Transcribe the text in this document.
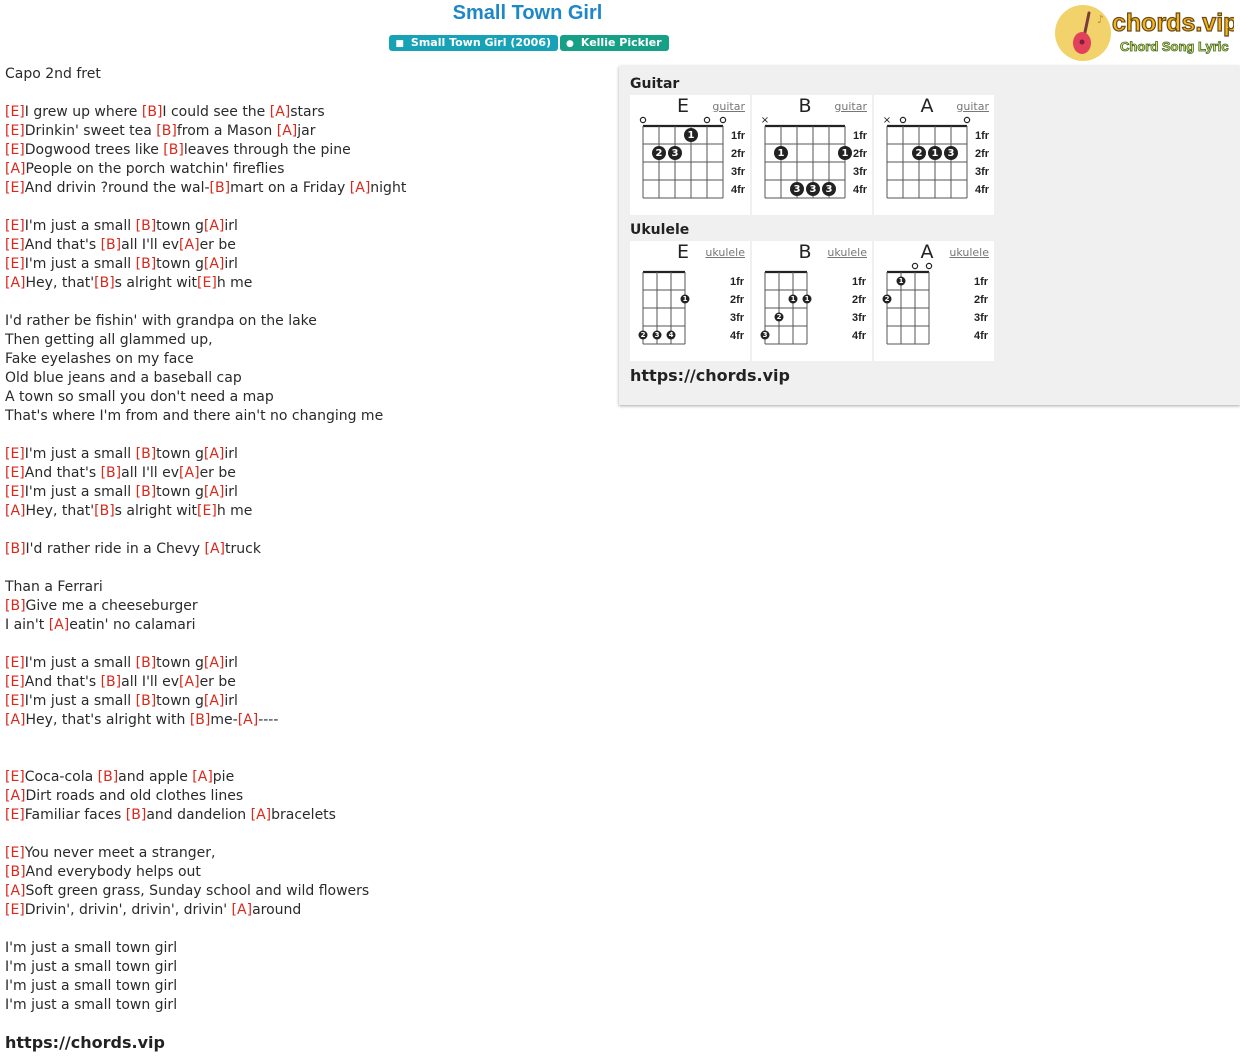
Small Town Girl
■ Small Town Girl (2006) ● Kellie Pickler
♪ chords.vip
Chord Song Lyric
Capo 2nd fret
[E]I grew up where [B]I could see the [A]stars
[E]Drinkin' sweet tea [B]from a Mason [A]jar
[E]Dogwood trees like [B]leaves through the pine
[A]People on the porch watchin' fireflies
[E]And drivin ?round the wal-[B]mart on a Friday [A]night
[E]I'm just a small [B]town g[A]irl
[E]And that's [B]all I'll ev[A]er be
[E]I'm just a small [B]town g[A]irl
[A]Hey, that'[B]s alright wit[E]h me
I'd rather be fishin' with grandpa on the lake
Then getting all glammed up,
Fake eyelashes on my face
Old blue jeans and a baseball cap
A town so small you don't need a map
That's where I'm from and there ain't no changing me
[E]I'm just a small [B]town g[A]irl
[E]And that's [B]all I'll ev[A]er be
[E]I'm just a small [B]town g[A]irl
[A]Hey, that'[B]s alright wit[E]h me
[B]I'd rather ride in a Chevy [A]truck
Than a Ferrari
[B]Give me a cheeseburger
I ain't [A]eatin' no calamari
[E]I'm just a small [B]town g[A]irl
[E]And that's [B]all I'll ev[A]er be
[E]I'm just a small [B]town g[A]irl
[A]Hey, that's alright with [B]me-[A]----
[E]Coca-cola [B]and apple [A]pie
[A]Dirt roads and old clothes lines
[E]Familiar faces [B]and dandelion [A]bracelets
[E]You never meet a stranger,
[B]And everybody helps out
[A]Soft green grass, Sunday school and wild flowers
[E]Drivin', drivin', drivin', drivin' [A]around
I'm just a small town girl
I'm just a small town girl
I'm just a small town girl
I'm just a small town girl
https://chords.vip
Guitar
E	guitar
1fr
2fr
3fr
4fr
1
2 3
B	guitar
1fr
2fr
3fr
4fr
×
1	1
3 3 3
A	guitar
1fr
2fr
3fr
4fr
×
2 1 3
Ukulele
E	ukulele
1fr
2fr
3fr
4fr
1
2 3 4
B	ukulele
1fr
2fr
3fr
4fr
1 1
2
3
A	ukulele
1fr
2fr
3fr
4fr
1
2
https://chords.vip
